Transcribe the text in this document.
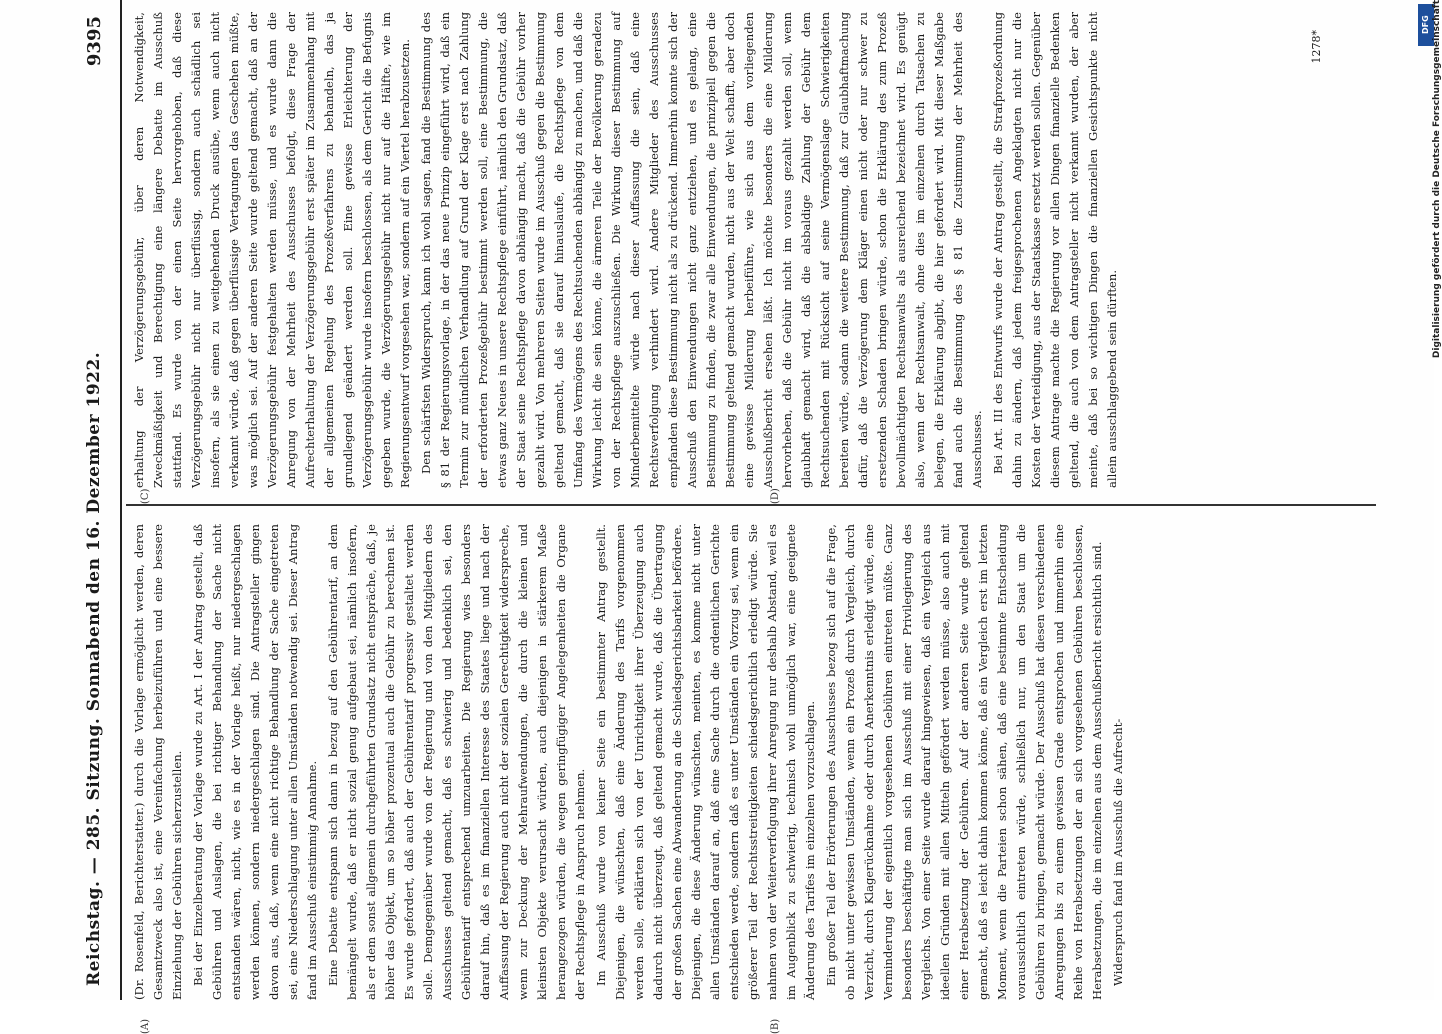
Reichstag. — 285. Sitzung. Sonnabend den 16. Dezember 1922.
9395
(A)	(B)
(C)	(D)

(Dr. Rosenfeld, Berichterstatter.) durch die Vorlage ermöglicht werden, deren Gesamtzweck also ist, eine Vereinfachung herbeizuführen und eine bessere Einziehung der Gebühren sicherzustellen. Bei der Einzelberatung der Vorlage wurde zu Art. I der Antrag gestellt, daß Gebühren und Auslagen, die bei richtiger Behandlung der Sache nicht entstanden wären, nicht, wie es in der Vorlage heißt, nur niedergeschlagen werden können, sondern niedergeschlagen sind. Die Antragsteller gingen davon aus, daß, wenn eine nicht richtige Behandlung der Sache eingetreten sei, eine Niederschlagung unter allen Umständen notwendig sei. Dieser Antrag fand im Ausschuß einstimmig Annahme. Eine Debatte entspann sich dann in bezug auf den Gebührentarif, an dem bemängelt wurde, daß er nicht sozial genug aufgebaut sei, nämlich insofern, als er dem sonst allgemein durchgeführten Grundsatz nicht entspräche, daß, je höher das Objekt, um so höher prozentual auch die Gebühr zu berechnen ist. Es wurde gefordert, daß auch der Gebührentarif progressiv gestaltet werden solle. Demgegenüber wurde von der Regierung und von den Mitgliedern des Ausschusses geltend gemacht, daß es schwierig und bedenklich sei, den Gebührentarif entsprechend umzuarbeiten. Die Regierung wies besonders darauf hin, daß es im finanziellen Interesse des Staates liege und nach der Auffassung der Regierung auch nicht der sozialen Gerechtigkeit widerspreche, wenn zur Deckung der Mehraufwendungen, die durch die kleinen und kleinsten Objekte verursacht würden, auch diejenigen in stärkerem Maße herangezogen würden, die wegen geringfügiger Angelegenheiten die Organe der Rechtspflege in Anspruch nehmen. Im Ausschuß wurde von keiner Seite ein bestimmter Antrag gestellt. Diejenigen, die wünschten, daß eine Änderung des Tarifs vorgenommen werden solle, erklärten sich von der Unrichtigkeit ihrer Überzeugung auch dadurch nicht überzeugt, daß geltend gemacht wurde, daß die Übertragung der großen Sachen eine Abwanderung an die Schiedsgerichtsbarkeit befördere. Diejenigen, die diese Änderung wünschten, meinten, es komme nicht unter allen Umständen darauf an, daß eine Sache durch die ordentlichen Gerichte entschieden werde, sondern daß es unter Umständen ein Vorzug sei, wenn ein größerer Teil der Rechtsstreitigkeiten schiedsgerichtlich erledigt würde. Sie nahmen von der Weiterverfolgung ihrer Anregung nur deshalb Abstand, weil es im Augenblick zu schwierig, technisch wohl unmöglich war, eine geeignete Änderung des Tarifes im einzelnen vorzuschlagen. Ein großer Teil der Erörterungen des Ausschusses bezog sich auf die Frage, ob nicht unter gewissen Umständen, wenn ein Prozeß durch Vergleich, durch Verzicht, durch Klagerücknahme oder durch Anerkenntnis erledigt würde, eine Verminderung der eigentlich vorgesehenen Gebühren eintreten müßte. Ganz besonders beschäftigte man sich im Ausschuß mit einer Privilegierung des Vergleichs. Von einer Seite wurde darauf hingewiesen, daß ein Vergleich aus ideellen Gründen mit allen Mitteln gefördert werden müsse, also auch mit einer Herabsetzung der Gebühren. Auf der anderen Seite wurde geltend gemacht, daß es leicht dahin kommen könne, daß ein Vergleich erst im letzten Moment, wenn die Parteien schon sähen, daß eine bestimmte Entscheidung voraussichtlich eintreten würde, schließlich nur, um den Staat um die Gebühren zu bringen, gemacht würde. Der Ausschuß hat diesen verschiedenen Anregungen bis zu einem gewissen Grade entsprochen und immerhin eine Reihe von Herabsetzungen der an sich vorgesehenen Gebühren beschlossen, Herabsetzungen, die im einzelnen aus dem Ausschußbericht ersichtlich sind. Widerspruch fand im Ausschuß die Aufrecht-

erhaltung der Verzögerungsgebühr, über deren Notwendigkeit, Zweckmäßigkeit und Berechtigung eine längere Debatte im Ausschuß stattfand. Es wurde von der einen Seite hervorgehoben, daß diese Verzögerungsgebühr nicht nur überflüssig, sondern auch schädlich sei insofern, als sie einen zu weitgehenden Druck ausübe, wenn auch nicht verkannt würde, daß gegen überflüssige Vertagungen das Geschehen müßte, was möglich sei. Auf der anderen Seite wurde geltend gemacht, daß an der Verzögerungsgebühr festgehalten werden müsse, und es wurde dann die Anregung von der Mehrheit des Ausschusses befolgt, diese Frage der Aufrechterhaltung der Verzögerungsgebühr erst später im Zusammenhang mit der allgemeinen Regelung des Prozeßverfahrens zu behandeln, das ja grundlegend geändert werden soll. Eine gewisse Erleichterung der Verzögerungsgebühr wurde insofern beschlossen, als dem Gericht die Befugnis gegeben wurde, die Verzögerungsgebühr nicht nur auf die Hälfte, wie im Regierungsentwurf vorgesehen war, sondern auf ein Viertel herabzusetzen. Den schärfsten Widerspruch, kann ich wohl sagen, fand die Bestimmung des § 81 der Regierungsvorlage, in der das neue Prinzip eingeführt wird, daß ein Termin zur mündlichen Verhandlung auf Grund der Klage erst nach Zahlung der erforderten Prozeßgebühr bestimmt werden soll, eine Bestimmung, die etwas ganz Neues in unsere Rechtspflege einführt, nämlich den Grundsatz, daß der Staat seine Rechtspflege davon abhängig macht, daß die Gebühr vorher gezahlt wird. Von mehreren Seiten wurde im Ausschuß gegen die Bestimmung geltend gemacht, daß sie darauf hinauslaufe, die Rechtspflege von dem Umfang des Vermögens des Rechtsuchenden abhängig zu machen, und daß die Wirkung leicht die sein könne, die ärmeren Teile der Bevölkerung geradezu von der Rechtspflege auszuschließen. Die Wirkung dieser Bestimmung auf Minderbemittelte würde nach dieser Auffassung die sein, daß eine Rechtsverfolgung verhindert wird. Andere Mitglieder des Ausschusses empfanden diese Bestimmung nicht als zu drückend. Immerhin konnte sich der Ausschuß den Einwendungen nicht ganz entziehen, und es gelang, eine Bestimmung zu finden, die zwar alle Einwendungen, die prinzipiell gegen die Bestimmung geltend gemacht wurden, nicht aus der Welt schafft, aber doch eine gewisse Milderung herbeiführe, wie sich aus dem vorliegenden Ausschußbericht ersehen läßt. Ich möchte besonders die eine Milderung hervorheben, daß die Gebühr nicht im voraus gezahlt werden soll, wenn glaubhaft gemacht wird, daß die alsbaldige Zahlung der Gebühr dem Rechtsuchenden mit Rücksicht auf seine Vermögenslage Schwierigkeiten bereiten würde, sodann die weitere Bestimmung, daß zur Glaubhaftmachung dafür, daß die Verzögerung dem Kläger einen nicht oder nur schwer zu ersetzenden Schaden bringen würde, schon die Erklärung des zum Prozeß bevollmächtigten Rechtsanwalts als ausreichend bezeichnet wird. Es genügt also, wenn der Rechtsanwalt, ohne dies im einzelnen durch Tatsachen zu belegen, die Erklärung abgibt, die hier gefordert wird. Mit dieser Maßgabe fand auch die Bestimmung des § 81 die Zustimmung der Mehrheit des Ausschusses. Bei Art. III des Entwurfs wurde der Antrag gestellt, die Strafprozeßordnung dahin zu ändern, daß jedem freigesprochenen Angeklagten nicht nur die Kosten der Verteidigung, aus der Staatskasse ersetzt werden sollen. Gegenüber diesem Antrage machte die Regierung vor allen Dingen finanzielle Bedenken geltend, die auch von dem Antragsteller nicht verkannt wurden, der aber meinte, daß bei so wichtigen Dingen die finanziellen Gesichtspunkte nicht allein ausschlaggebend sein dürften.

1278*
DFG Digitalisierung gefördert durch die Deutsche Forschungsgemeinschaft
